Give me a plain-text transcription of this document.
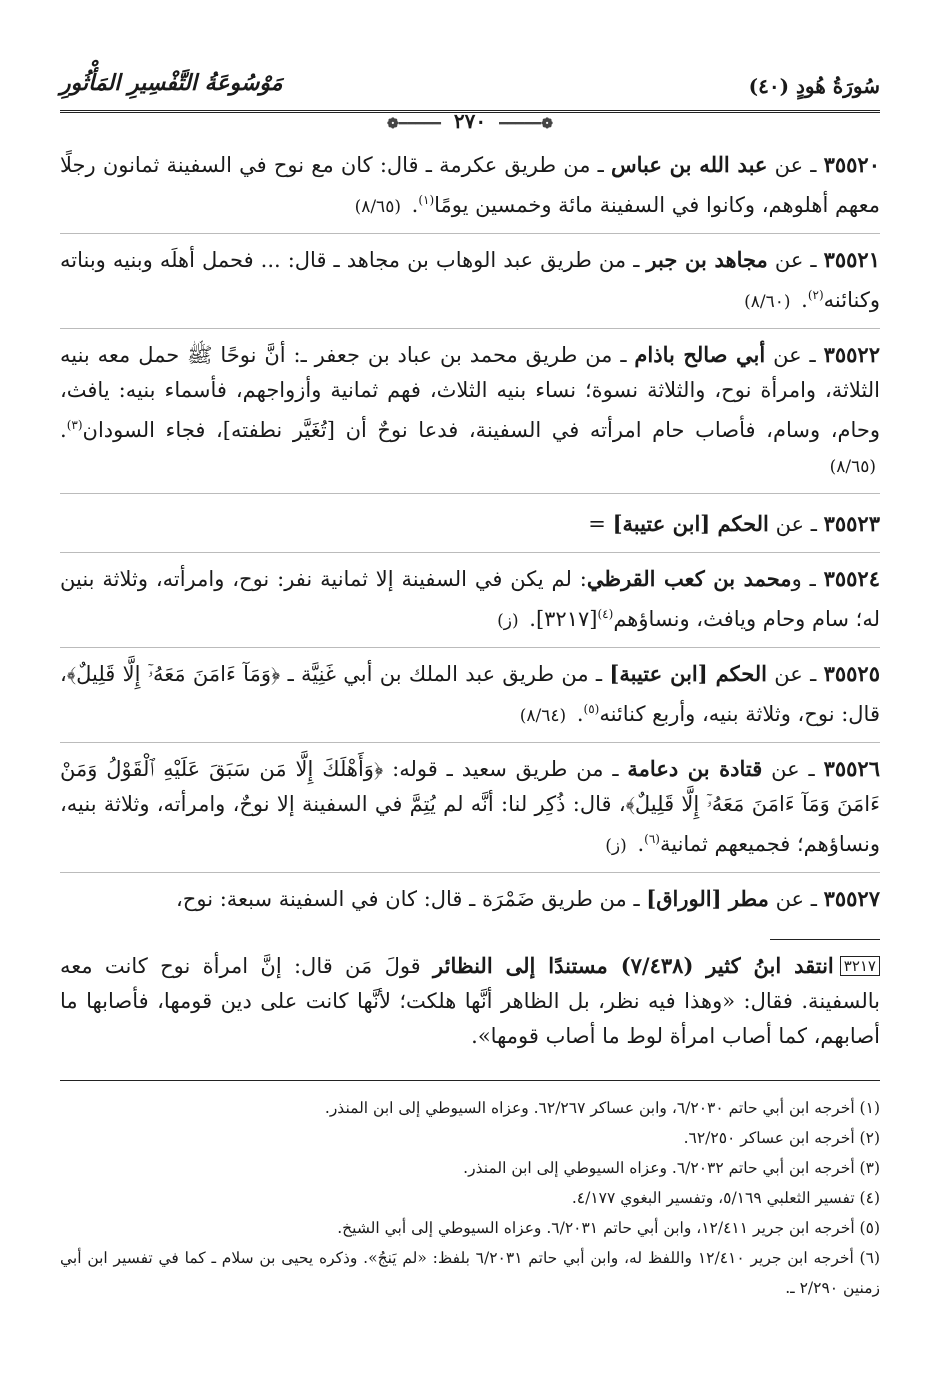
سُورَةُ هُودٍ (٤٠)
مَوْسُوعَةُ التَّفْسِيرِ المَأْثُورِ
❁━━━━━ ٢٧٠ ━━━━━❁
٣٥٥٢٠ ـ عن عبد الله بن عباس ـ من طريق عكرمة ـ قال: كان مع نوح في السفينة ثمانون رجلًا معهم أهلوهم، وكانوا في السفينة مائة وخمسين يومًا$^{(١)}$. (٨/٦٥)
٣٥٥٢١ ـ عن مجاهد بن جبر ـ من طريق عبد الوهاب بن مجاهد ـ قال: ... فحمل أهلَه وبنيه وبناته وكنائنه$^{(٢)}$. (٨/٦٠)
٣٥٥٢٢ ـ عن أبي صالح باذام ـ من طريق محمد بن عباد بن جعفر ـ: أنَّ نوحًا ﷺ حمل معه بنيه الثلاثة، وامرأة نوح، والثلاثة نسوة؛ نساء بنيه الثلاث، فهم ثمانية وأزواجهم، فأسماء بنيه: يافث، وحام، وسام، فأصاب حام امرأته في السفينة، فدعا نوحٌ أن [تُغَيَّر نطفته]، فجاء السودان$^{(٣)}$. (٨/٦٥)
٣٥٥٢٣ ـ عن الحكم [ابن عتيبة] =
٣٥٥٢٤ ـ ومحمد بن كعب القرظي: لم يكن في السفينة إلا ثمانية نفر: نوح، وامرأته، وثلاثة بنين له؛ سام وحام ويافث، ونساؤهم$^{(٤)}$[٣٢١٧]. (ز)
٣٥٥٢٥ ـ عن الحكم [ابن عتيبة] ـ من طريق عبد الملك بن أبي غَنِيَّة ـ ﴿وَمَآ ءَامَنَ مَعَهُۥٓ إِلَّا قَلِيلٌ﴾، قال: نوح، وثلاثة بنيه، وأربع كنائنه$^{(٥)}$. (٨/٦٤)
٣٥٥٢٦ ـ عن قتادة بن دعامة ـ من طريق سعيد ـ قوله: ﴿وَأَهْلَكَ إِلَّا مَن سَبَقَ عَلَيْهِ ٱلْقَوْلُ وَمَنْ ءَامَنَ وَمَآ ءَامَنَ مَعَهُۥٓ إِلَّا قَلِيلٌ﴾، قال: ذُكِر لنا: أنَّه لم يُتِمَّ في السفينة إلا نوحٌ، وامرأته، وثلاثة بنيه، ونساؤهم؛ فجميعهم ثمانية$^{(٦)}$. (ز)
٣٥٥٢٧ ـ عن مطر [الوراق] ـ من طريق ضَمْرَة ـ قال: كان في السفينة سبعة: نوح،
٣٢١٧انتقد ابنُ كثير (٧/٤٣٨) مستندًا إلى النظائر قولَ مَن قال: إنَّ امرأة نوح كانت معه بالسفينة. فقال: «وهذا فيه نظر، بل الظاهر أنَّها هلكت؛ لأنَّها كانت على دين قومها، فأصابها ما أصابهم، كما أصاب امرأة لوط ما أصاب قومها».
(١) أخرجه ابن أبي حاتم ٦/٢٠٣٠، وابن عساكر ٦٢/٢٦٧. وعزاه السيوطي إلى ابن المنذر.
(٢) أخرجه ابن عساكر ٦٢/٢٥٠.
(٣) أخرجه ابن أبي حاتم ٦/٢٠٣٢. وعزاه السيوطي إلى ابن المنذر.
(٤) تفسير الثعلبي ٥/١٦٩، وتفسير البغوي ٤/١٧٧.
(٥) أخرجه ابن جرير ١٢/٤١١، وابن أبي حاتم ٦/٢٠٣١. وعزاه السيوطي إلى أبي الشيخ.
(٦) أخرجه ابن جرير ١٢/٤١٠ واللفظ له، وابن أبي حاتم ٦/٢٠٣١ بلفظ: «لم يَنجُ». وذكره يحيى بن سلام ـ كما في تفسير ابن أبي زمنين ٢/٢٩٠ ـ.
